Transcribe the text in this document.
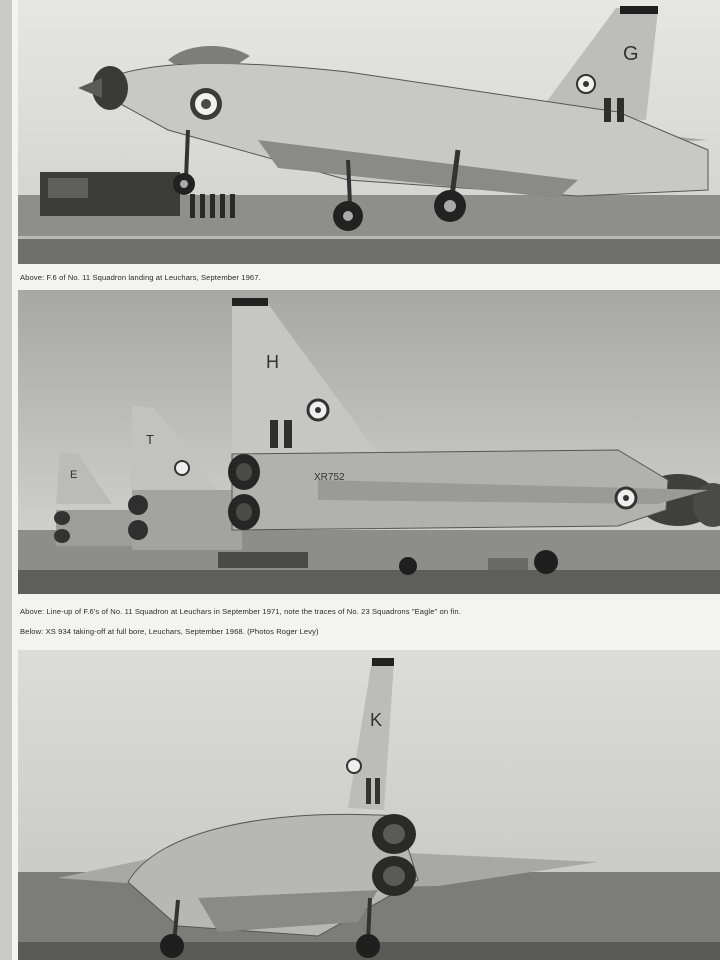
G
Above: F.6 of No. 11 Squadron landing at Leuchars, September 1967.
E
T
H
XR752
Above: Line-up of F.6's of No. 11 Squadron at Leuchars in September 1971, note the traces of No. 23 Squadrons "Eagle" on fin.
Below: XS 934 taking-off at full bore, Leuchars, September 1968. (Photos Roger Levy)
K
